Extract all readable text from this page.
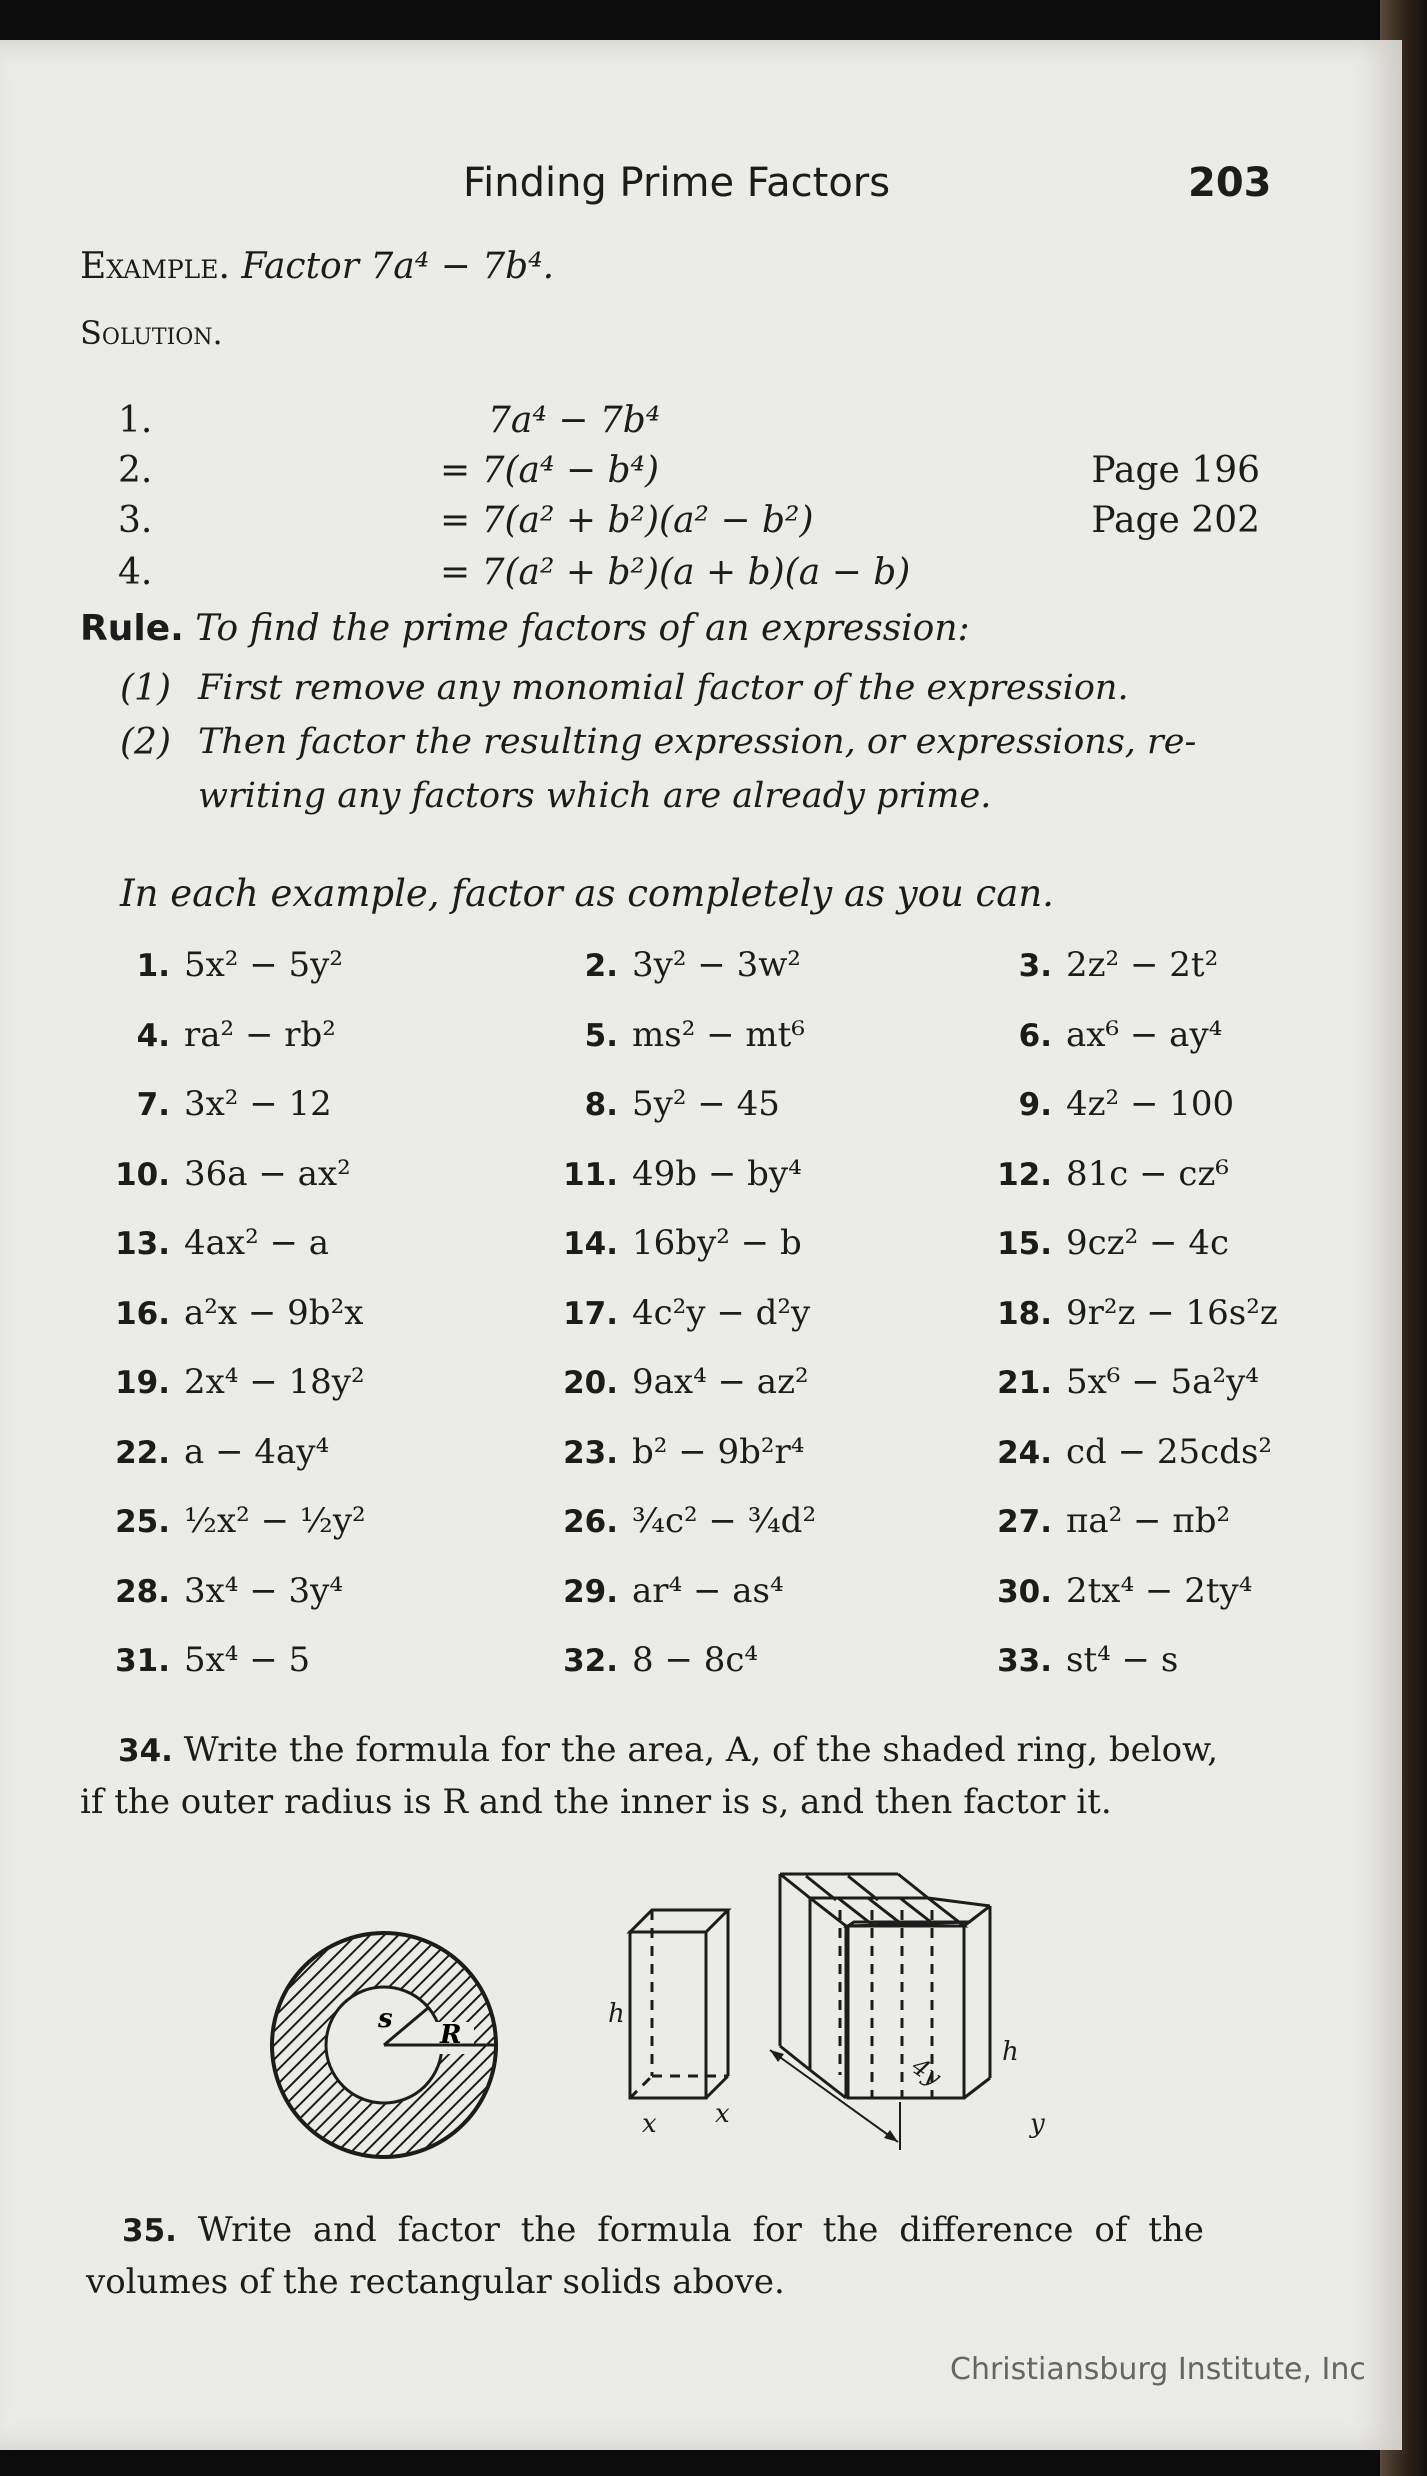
Finding Prime Factors	203
Example. Factor 7a⁴ − 7b⁴.
Solution.
1.	7a⁴ − 7b⁴
2.	= 7(a⁴ − b⁴)	Page 196
3.	= 7(a² + b²)(a² − b²)	Page 202
4.	= 7(a² + b²)(a + b)(a − b)
Rule. To find the prime factors of an expression:
(1) First remove any monomial factor of the expression.
(2) Then factor the resulting expression, or expressions, re-
writing any factors which are already prime.
In each example, factor as completely as you can.
1. 5x² − 5y²	2. 3y² − 3w²	3. 2z² − 2t²
4. ra² − rb²	5. ms² − mt⁶	6. ax⁶ − ay⁴
7. 3x² − 12	8. 5y² − 45	9. 4z² − 100
10. 36a − ax²	11. 49b − by⁴	12. 81c − cz⁶
13. 4ax² − a	14. 16by² − b	15. 9cz² − 4c
16. a²x − 9b²x	17. 4c²y − d²y	18. 9r²z − 16s²z
19. 2x⁴ − 18y²	20. 9ax⁴ − az²	21. 5x⁶ − 5a²y⁴
22. a − 4ay⁴	23. b² − 9b²r⁴	24. cd − 25cds²
25. ½x² − ½y²	26. ¾c² − ¾d²	27. πa² − πb²
28. 3x⁴ − 3y⁴	29. ar⁴ − as⁴	30. 2tx⁴ − 2ty⁴
31. 5x⁴ − 5	32. 8 − 8c⁴	33. st⁴ − s
34. Write the formula for the area, A, of the shaded ring, below,
if the outer radius is R and the inner is s, and then factor it.
s
R
h
x x
4y h
y
35. Write and factor the formula for the difference of the
volumes of the rectangular solids above.
Christiansburg Institute, Inc
